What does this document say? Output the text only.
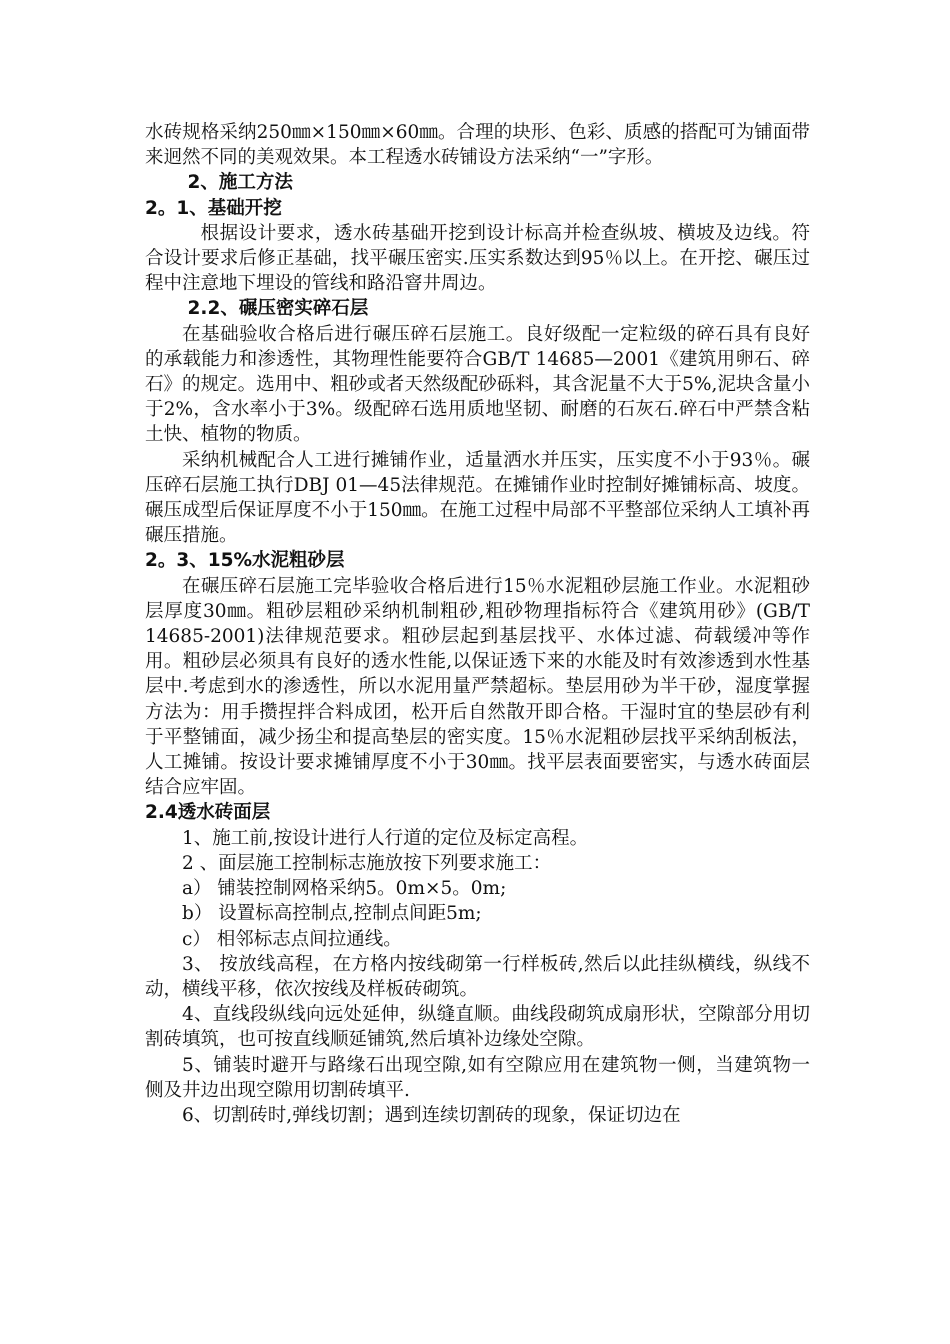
水砖规格采纳250㎜×150㎜×60㎜。合理的块形、色彩、质感的搭配可为铺面带来迥然不同的美观效果。本工程透水砖铺设方法采纳“一”字形。

2、施工方法

2。1、基础开挖

根据设计要求，透水砖基础开挖到设计标高并检查纵坡、横坡及边线。符合设计要求后修正基础，找平碾压密实.压实系数达到95％以上。在开挖、碾压过程中注意地下埋设的管线和路沿窨井周边。

2.2、碾压密实碎石层

在基础验收合格后进行碾压碎石层施工。良好级配一定粒级的碎石具有良好的承载能力和渗透性，其物理性能要符合GB/T 14685—2001《建筑用卵石、碎石》的规定。选用中、粗砂或者天然级配砂砾料，其含泥量不大于5%,泥块含量小于2%，含水率小于3%。级配碎石选用质地坚韧、耐磨的石灰石.碎石中严禁含粘土快、植物的物质。

采纳机械配合人工进行摊铺作业，适量洒水并压实，压实度不小于93％。碾压碎石层施工执行DBJ 01—45法律规范。在摊铺作业时控制好摊铺标高、坡度。碾压成型后保证厚度不小于150㎜。在施工过程中局部不平整部位采纳人工填补再碾压措施。

2。3、15%水泥粗砂层

在碾压碎石层施工完毕验收合格后进行15％水泥粗砂层施工作业。水泥粗砂层厚度30㎜。粗砂层粗砂采纳机制粗砂,粗砂物理指标符合《建筑用砂》(GB/T 14685-2001)法律规范要求。粗砂层起到基层找平、水体过滤、荷载缓冲等作用。粗砂层必须具有良好的透水性能,以保证透下来的水能及时有效渗透到水性基层中.考虑到水的渗透性，所以水泥用量严禁超标。垫层用砂为半干砂，湿度掌握方法为：用手攒捏拌合料成团，松开后自然散开即合格。干湿时宜的垫层砂有利于平整铺面，减少扬尘和提高垫层的密实度。15％水泥粗砂层找平采纳刮板法，人工摊铺。按设计要求摊铺厚度不小于30㎜。找平层表面要密实，与透水砖面层结合应牢固。

2.4透水砖面层

1、施工前,按设计进行人行道的定位及标定高程。

2 、面层施工控制标志施放按下列要求施工：

a） 铺装控制网格采纳5。0m×5。0m;

b） 设置标高控制点,控制点间距5m;

c） 相邻标志点间拉通线。

3、 按放线高程，在方格内按线砌第一行样板砖,然后以此挂纵横线，纵线不动，横线平移，依次按线及样板砖砌筑。

4、直线段纵线向远处延伸，纵缝直顺。曲线段砌筑成扇形状，空隙部分用切割砖填筑，也可按直线顺延铺筑,然后填补边缘处空隙。

5、铺装时避开与路缘石出现空隙,如有空隙应用在建筑物一侧，当建筑物一侧及井边出现空隙用切割砖填平.

6、切割砖时,弹线切割；遇到连续切割砖的现象，保证切边在
